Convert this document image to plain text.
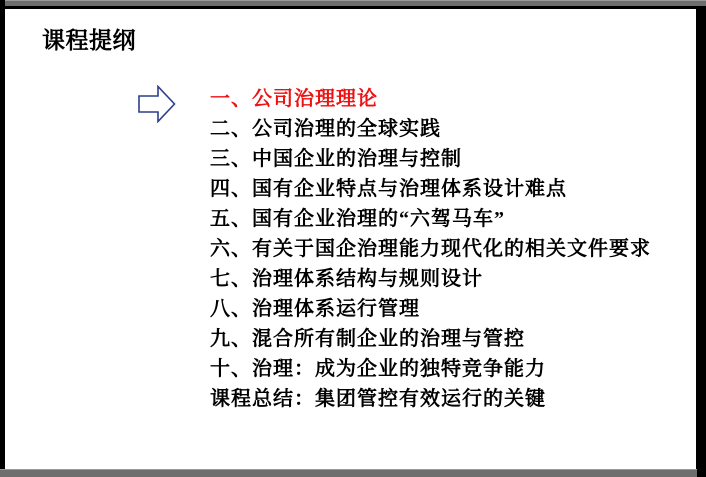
课程提纲
一、公司治理理论
二、公司治理的全球实践
三、中国企业的治理与控制
四、国有企业特点与治理体系设计难点
五、国有企业治理的“六驾马车”
六、有关于国企治理能力现代化的相关文件要求
七、治理体系结构与规则设计
八、治理体系运行管理
九、混合所有制企业的治理与管控
十、治理：成为企业的独特竞争能力
课程总结：集团管控有效运行的关键
